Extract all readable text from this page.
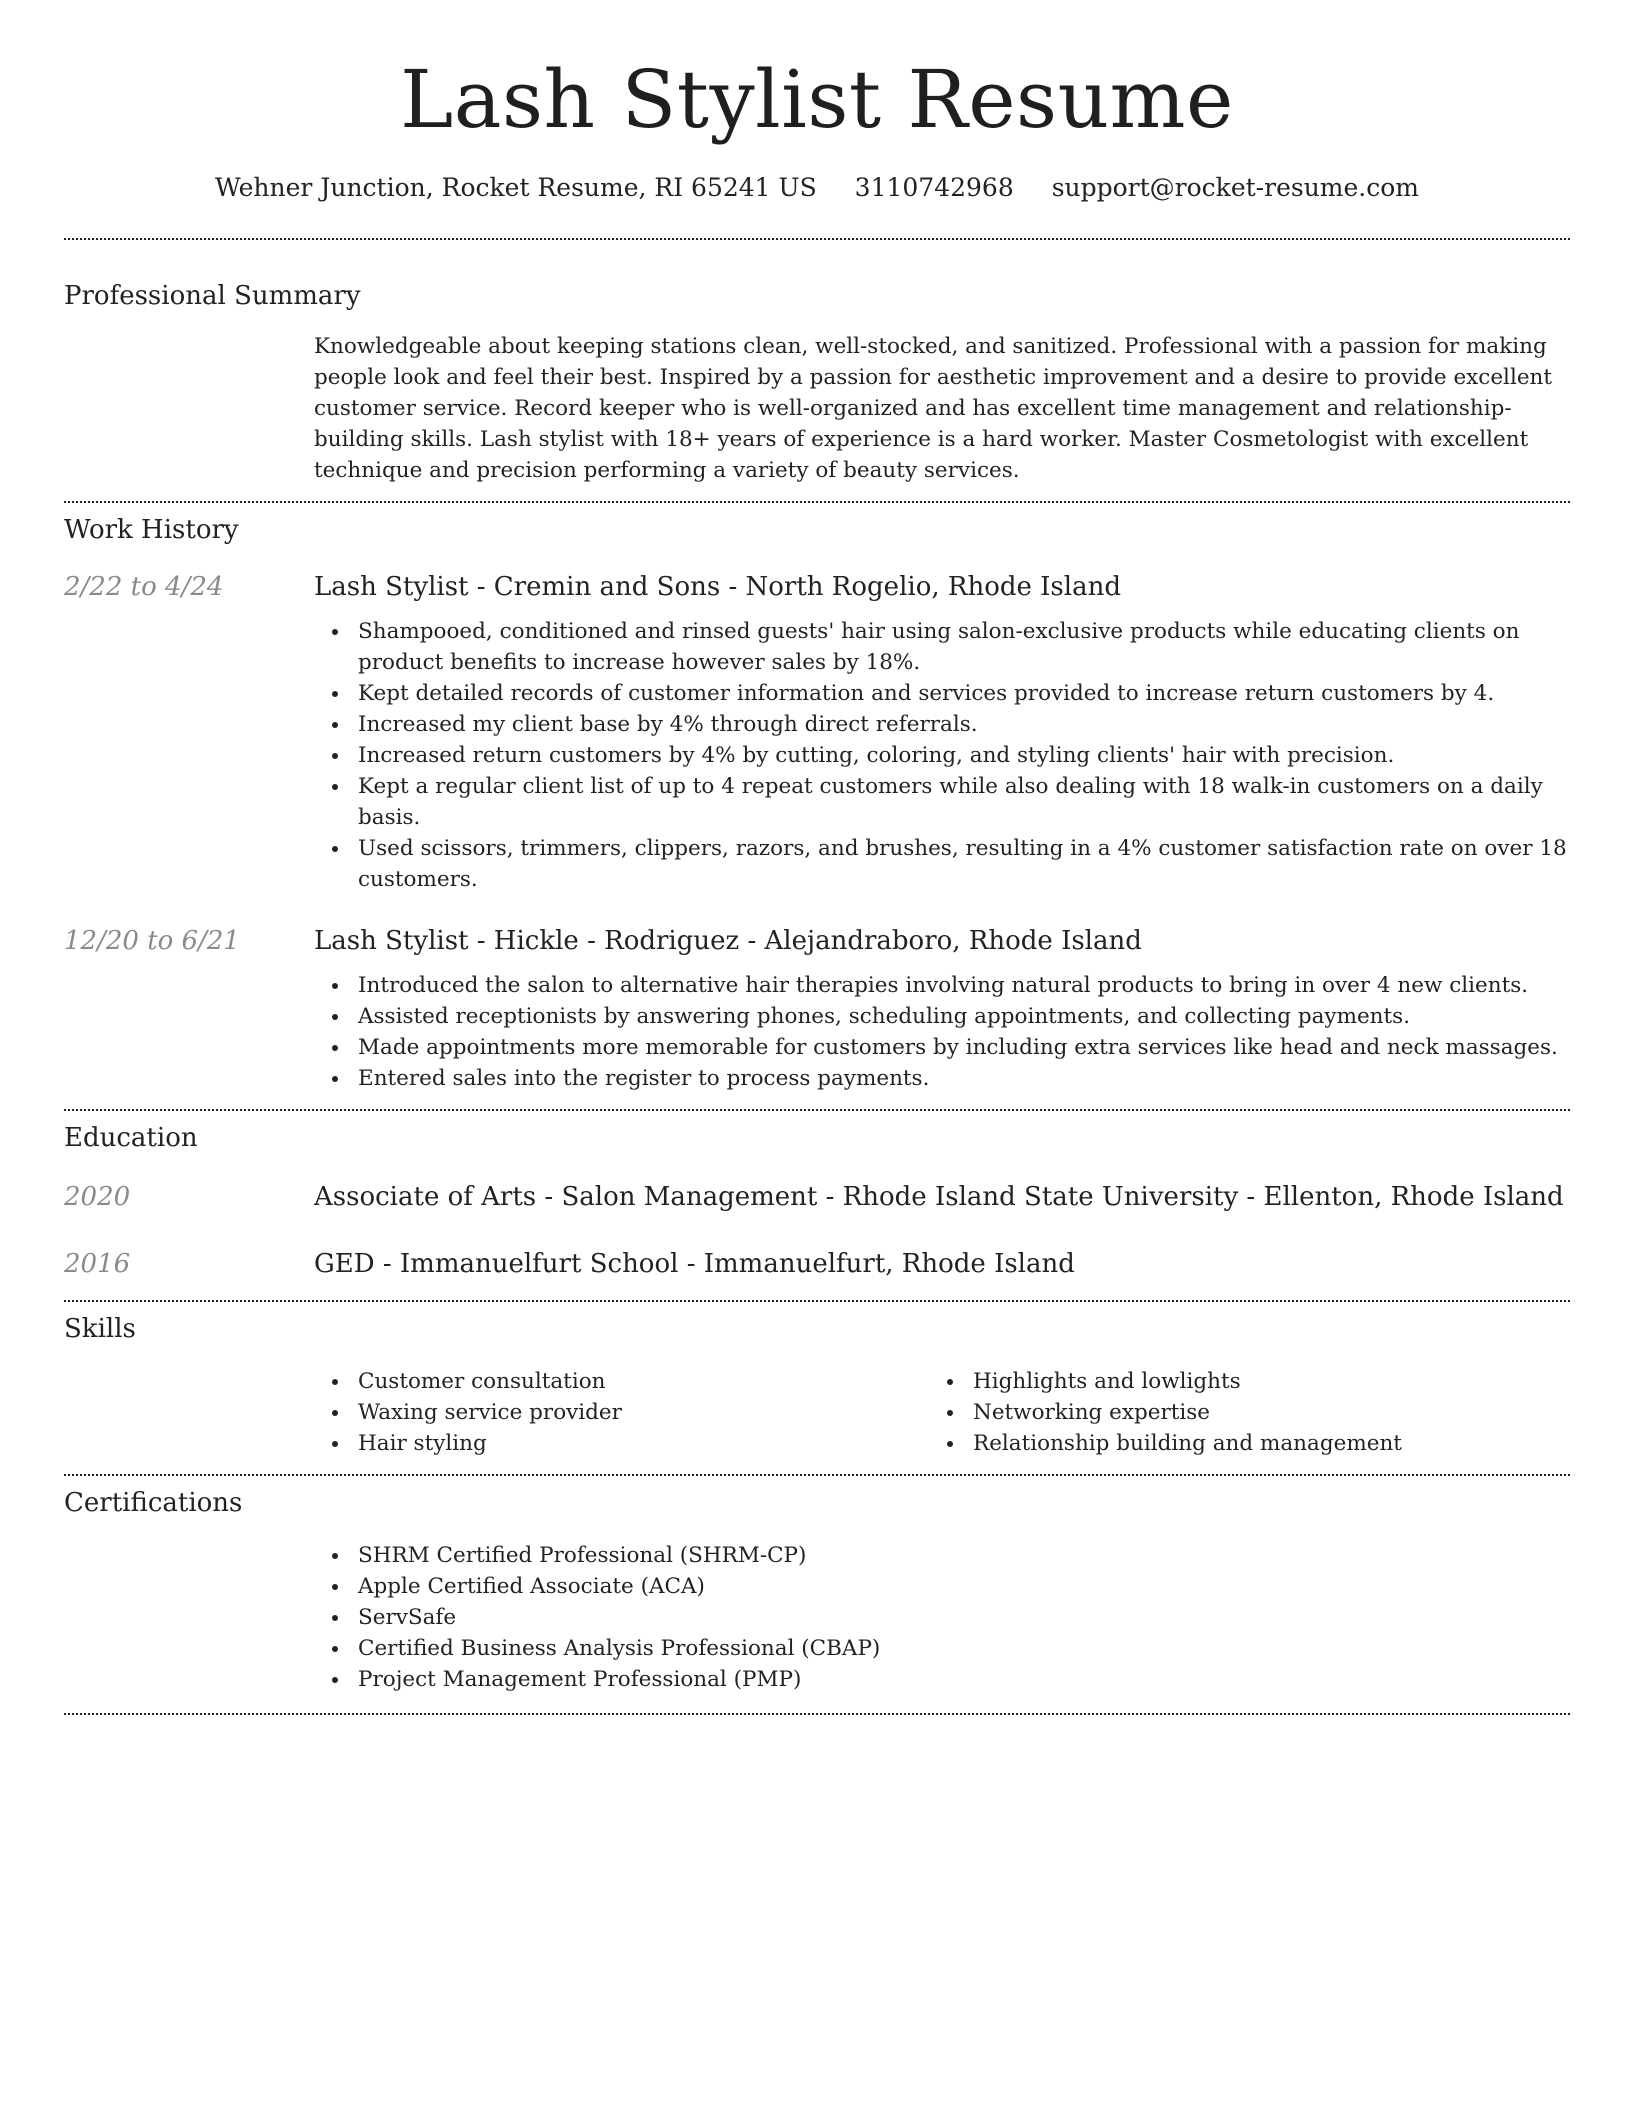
Lash Stylist Resume
Wehner Junction, Rocket Resume, RI 65241 US 3110742968 support@rocket-resume.com
Professional Summary

Knowledgeable about keeping stations clean, well-stocked, and sanitized. Professional with a passion for making people look and feel their best. Inspired by a passion for aesthetic improvement and a desire to provide excellent customer service. Record keeper who is well-organized and has excellent time management and relationship-building skills. Lash stylist with 18+ years of experience is a hard worker. Master Cosmetologist with excellent technique and precision performing a variety of beauty services.

Work History
2/22 to 4/24	Lash Stylist - Cremin and Sons - North Rogelio, Rhode Island
Shampooed, conditioned and rinsed guests' hair using salon-exclusive products while educating clients on product benefits to increase however sales by 18%.
Kept detailed records of customer information and services provided to increase return customers by 4.
Increased my client base by 4% through direct referrals.
Increased return customers by 4% by cutting, coloring, and styling clients' hair with precision.
Kept a regular client list of up to 4 repeat customers while also dealing with 18 walk-in customers on a daily basis.
Used scissors, trimmers, clippers, razors, and brushes, resulting in a 4% customer satisfaction rate on over 18 customers.
12/20 to 6/21	Lash Stylist - Hickle - Rodriguez - Alejandraboro, Rhode Island
Introduced the salon to alternative hair therapies involving natural products to bring in over 4 new clients.
Assisted receptionists by answering phones, scheduling appointments, and collecting payments.
Made appointments more memorable for customers by including extra services like head and neck massages.
Entered sales into the register to process payments.
Education
2020	Associate of Arts - Salon Management - Rhode Island State University - Ellenton, Rhode Island
2016	GED - Immanuelfurt School - Immanuelfurt, Rhode Island
Skills
Customer consultation
Waxing service provider
Hair styling
Highlights and lowlights
Networking expertise
Relationship building and management
Certifications
SHRM Certified Professional (SHRM-CP)
Apple Certified Associate (ACA)
ServSafe
Certified Business Analysis Professional (CBAP)
Project Management Professional (PMP)
